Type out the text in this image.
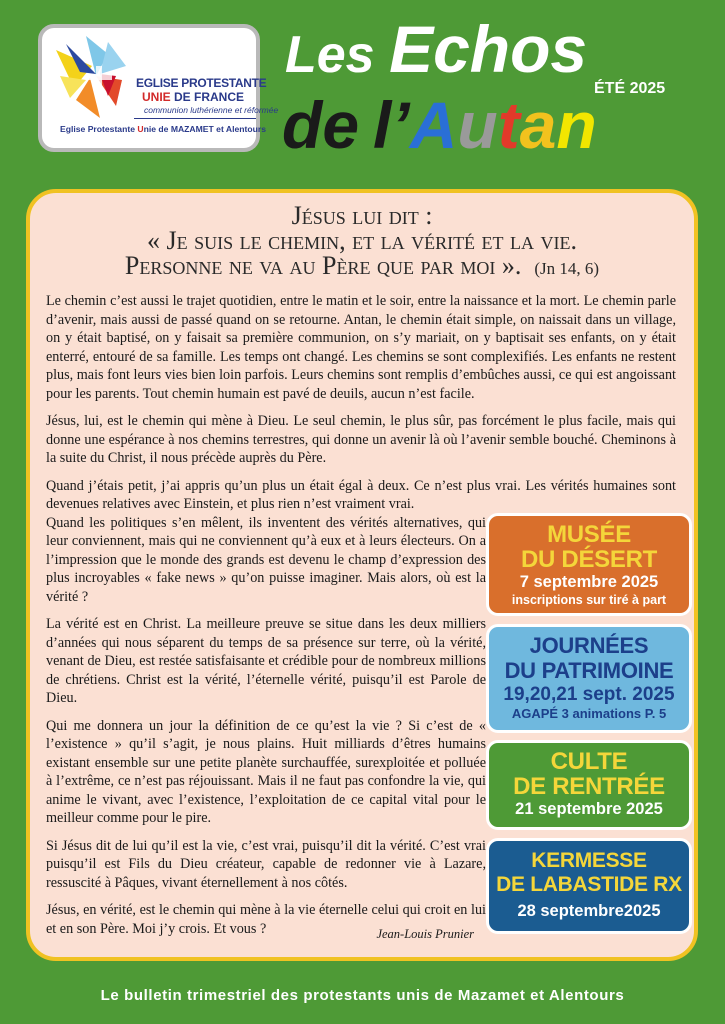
EGLISE PROTESTANTE
UNIE DE FRANCE
communion luthérienne et réformée
Eglise Protestante Unie de MAZAMET et Alentours
Les Echos
de l’Autan
ÉTÉ 2025
Jésus lui dit :
« Je suis le chemin, et la vérité et la vie.
Personne ne va au Père que par moi ». (Jn 14, 6)

Le chemin c’est aussi le trajet quotidien, entre le matin et le soir, entre la naissance et la mort. Le chemin parle d’avenir, mais aussi de passé quand on se retourne. Antan, le chemin était simple, on naissait dans un village, on y était baptisé, on y faisait sa première communion, on s’y mariait, on y baptisait ses enfants, on y était enterré, entouré de sa famille. Les temps ont changé. Les chemins se sont complexifiés. Les enfants ne restent plus, mais font leurs vies bien loin parfois. Leurs chemins sont remplis d’embûches aussi, ce qui est angoissant pour les parents. Tout chemin humain est pavé de deuils, aucun n’est facile.

Jésus, lui, est le chemin qui mène à Dieu. Le seul chemin, le plus sûr, pas forcément le plus facile, mais qui donne une espérance à nos chemins terrestres, qui donne un avenir là où l’avenir semble bouché. Cheminons à la suite du Christ, il nous précède auprès du Père.

Quand j’étais petit, j’ai appris qu’un plus un était égal à deux. Ce n’est plus vrai. Les vérités humaines sont devenues relatives avec Einstein, et plus rien n’est vraiment vrai.

Quand les politiques s’en mêlent, ils inventent des vérités alternatives, qui leur conviennent, mais qui ne conviennent qu’à eux et à leurs électeurs. On a l’impression que le monde des grands est devenu le champ d’expression des plus incroyables « fake news » qu’on puisse imaginer. Mais alors, où est la vérité ?

La vérité est en Christ. La meilleure preuve se situe dans les deux milliers d’années qui nous séparent du temps de sa présence sur terre, où la vérité, venant de Dieu, est restée satisfaisante et crédible pour de nombreux millions de chrétiens. Christ est la vérité, l’éternelle vérité, puisqu’il est Parole de Dieu.

Qui me donnera un jour la définition de ce qu’est la vie ? Si c’est de « l’existence » qu’il s’agit, je nous plains. Huit milliards d’êtres humains existant ensemble sur une petite planète surchauffée, surexploitée et polluée à l’extrême, ce n’est pas réjouissant. Mais il ne faut pas confondre la vie, qui anime le vivant, avec l’existence, l’exploitation de ce capital vital pour le meilleur comme pour le pire.

Si Jésus dit de lui qu’il est la vie, c’est vrai, puisqu’il dit la vérité. C’est vrai puisqu’il est Fils du Dieu créateur, capable de redonner vie à Lazare, ressuscité à Pâques, vivant éternellement à nos côtés.

Jésus, en vérité, est le chemin qui mène à la vie éternelle celui qui croit en lui et en son Père. Moi j’y crois. Et vous ?	Jean-Louis Prunier
MUSÉE
DU DÉSERT
7 septembre 2025
inscriptions sur tiré à part
JOURNÉES
DU PATRIMOINE
19,20,21 sept. 2025
AGAPÉ 3 animations P. 5
CULTE
DE RENTRÉE
21 septembre 2025
KERMESSE
DE LABASTIDE RX
28 septembre2025
Le bulletin trimestriel des protestants unis de Mazamet et Alentours
